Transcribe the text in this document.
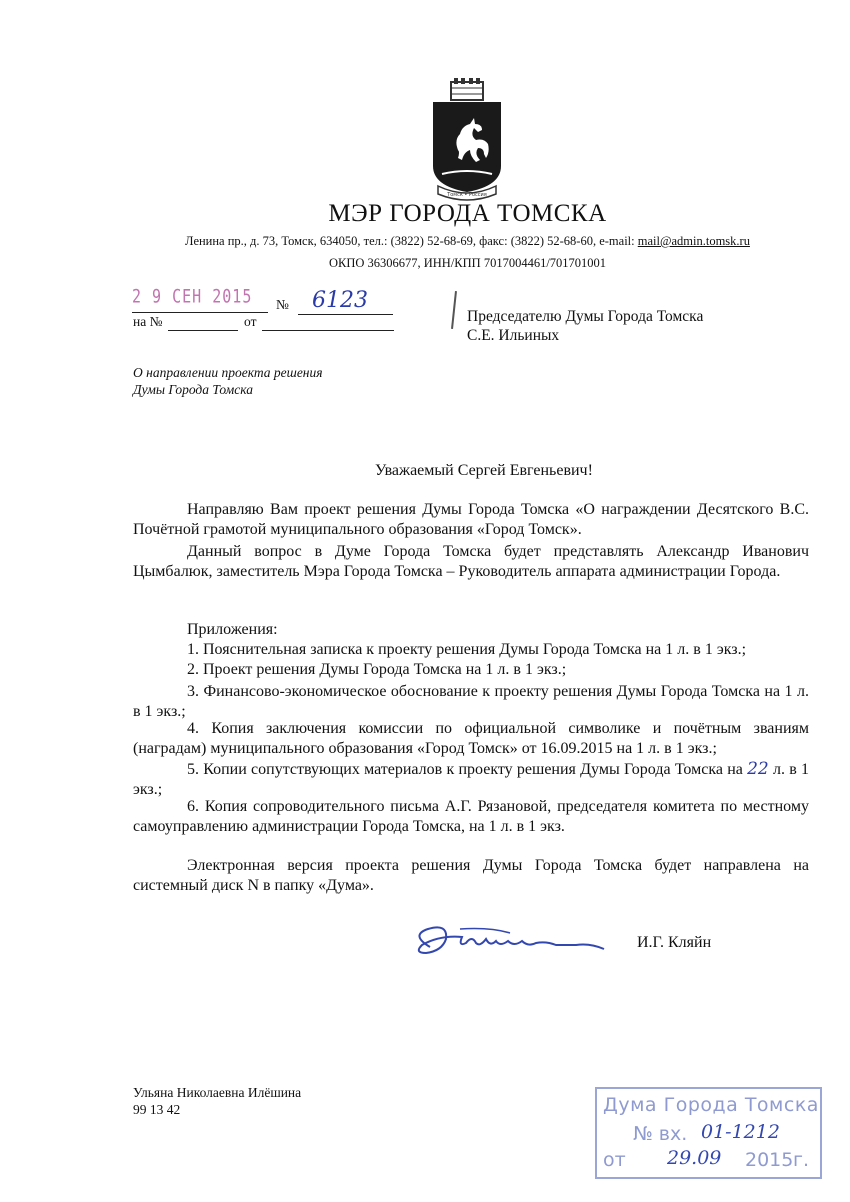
Томск • Россия
МЭР ГОРОДА ТОМСКА
Ленина пр., д. 73, Томск, 634050, тел.: (3822) 52-68-69, факс: (3822) 52-68-60, e-mail: mail@admin.tomsk.ru
ОКПО 36306677, ИНН/КПП 7017004461/701701001
2 9 СЕН 2015 № 6123
на №	от	Председателю Думы Города Томска
С.Е. Ильиных
О направлении проекта решения
Думы Города Томска
Уважаемый Сергей Евгеньевич!
Направляю Вам проект решения Думы Города Томска «О награждении Десятского В.С. Почётной грамотой муниципального образования «Город Томск».
Данный вопрос в Думе Города Томска будет представлять Александр Иванович Цымбалюк, заместитель Мэра Города Томска – Руководитель аппарата администрации Города.
Приложения:
1. Пояснительная записка к проекту решения Думы Города Томска на 1 л. в 1 экз.;
2. Проект решения Думы Города Томска на 1 л. в 1 экз.;
3. Финансово-экономическое обоснование к проекту решения Думы Города Томска на 1 л. в 1 экз.;
4. Копия заключения комиссии по официальной символике и почётным званиям (наградам) муниципального образования «Город Томск» от 16.09.2015 на 1 л. в 1 экз.;
5. Копии сопутствующих материалов к проекту решения Думы Города Томска на 22 л. в 1 экз.;
6. Копия сопроводительного письма А.Г. Рязановой, председателя комитета по местному самоуправлению администрации Города Томска, на 1 л. в 1 экз.
Электронная версия проекта решения Думы Города Томска будет направлена на системный диск N в папку «Дума».
И.Г. Кляйн
Ульяна Николаевна Илёшина
99 13 42	Дума Города Томска
№ вх. 01-1212
от 29.09 2015 г.
